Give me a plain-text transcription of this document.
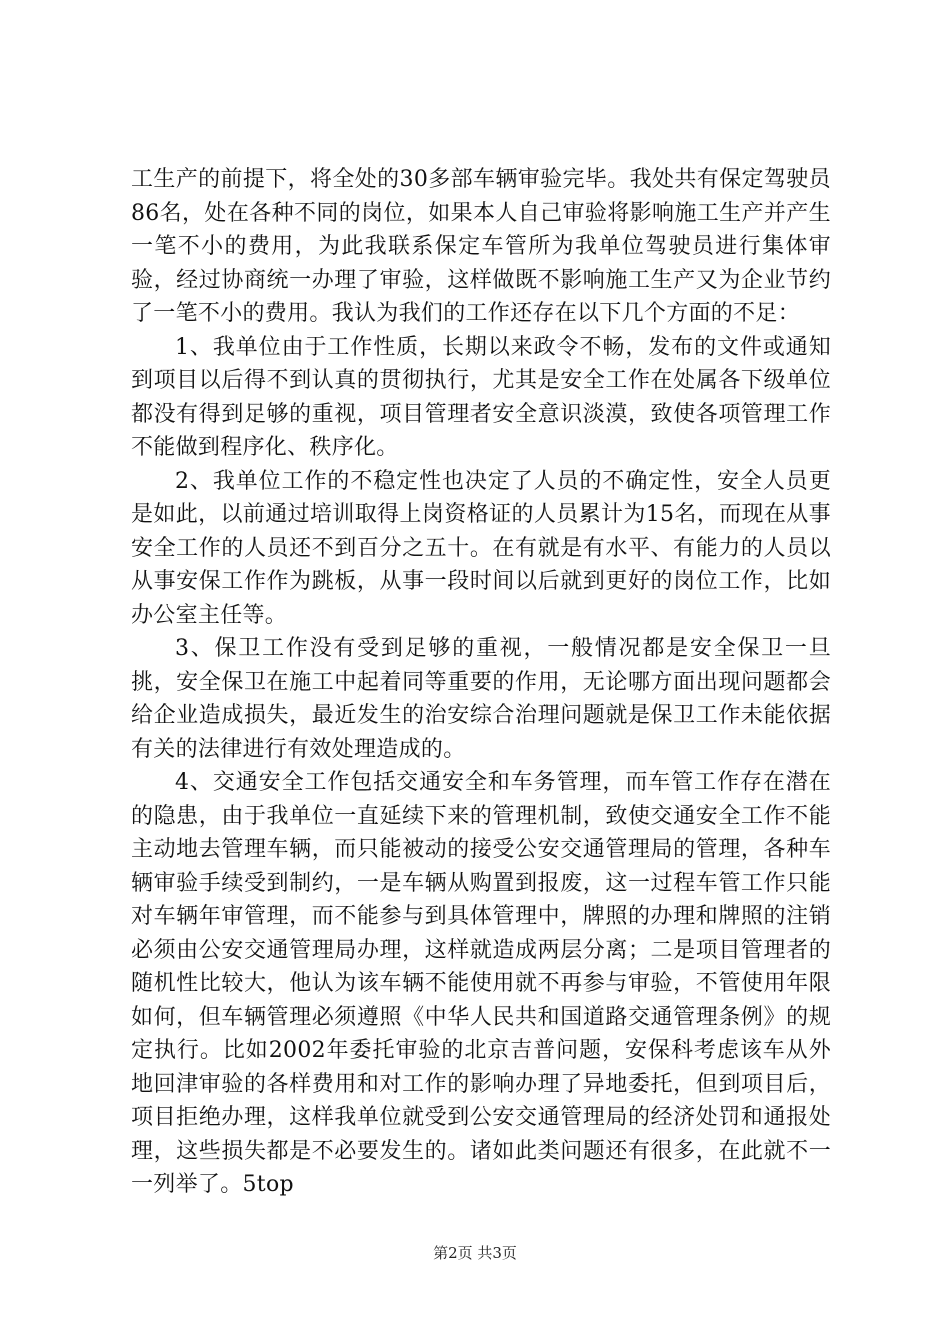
工生产的前提下，将全处的30多部车辆审验完毕。我处共有保定驾驶员86名，处在各种不同的岗位，如果本人自己审验将影响施工生产并产生一笔不小的费用，为此我联系保定车管所为我单位驾驶员进行集体审验，经过协商统一办理了审验，这样做既不影响施工生产又为企业节约了一笔不小的费用。我认为我们的工作还存在以下几个方面的不足：

1、我单位由于工作性质，长期以来政令不畅，发布的文件或通知到项目以后得不到认真的贯彻执行，尤其是安全工作在处属各下级单位都没有得到足够的重视，项目管理者安全意识淡漠，致使各项管理工作不能做到程序化、秩序化。

2、我单位工作的不稳定性也决定了人员的不确定性，安全人员更是如此，以前通过培训取得上岗资格证的人员累计为15名，而现在从事安全工作的人员还不到百分之五十。在有就是有水平、有能力的人员以从事安保工作作为跳板，从事一段时间以后就到更好的岗位工作，比如办公室主任等。

3、保卫工作没有受到足够的重视，一般情况都是安全保卫一旦挑，安全保卫在施工中起着同等重要的作用，无论哪方面出现问题都会给企业造成损失，最近发生的治安综合治理问题就是保卫工作未能依据有关的法律进行有效处理造成的。

4、交通安全工作包括交通安全和车务管理，而车管工作存在潜在的隐患，由于我单位一直延续下来的管理机制，致使交通安全工作不能主动地去管理车辆，而只能被动的接受公安交通管理局的管理，各种车辆审验手续受到制约，一是车辆从购置到报废，这一过程车管工作只能对车辆年审管理，而不能参与到具体管理中，牌照的办理和牌照的注销必须由公安交通管理局办理，这样就造成两层分离；二是项目管理者的随机性比较大，他认为该车辆不能使用就不再参与审验，不管使用年限如何，但车辆管理必须遵照《中华人民共和国道路交通管理条例》的规定执行。比如2002年委托审验的北京吉普问题，安保科考虑该车从外地回津审验的各样费用和对工作的影响办理了异地委托，但到项目后，项目拒绝办理，这样我单位就受到公安交通管理局的经济处罚和通报处理，这些损失都是不必要发生的。诸如此类问题还有很多，在此就不一一列举了。5top

第2页 共3页
